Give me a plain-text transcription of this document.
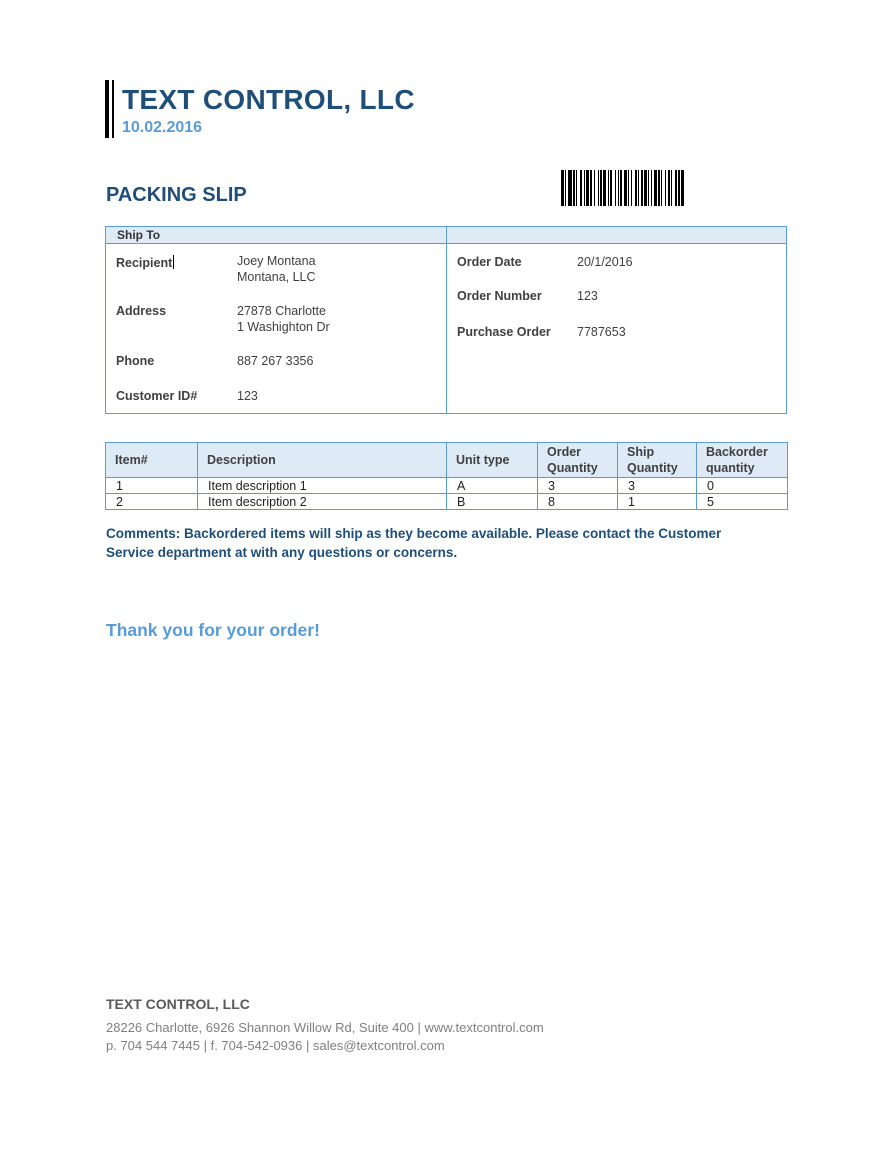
TEXT CONTROL, LLC
10.02.2016
PACKING SLIP
Ship To
Recipient	Joey Montana
Montana, LLC
Address	27878 Charlotte
1 Washighton Dr
Phone	887 267 3356
Customer ID#	123
Order Date	20/1/2016
Order Number	123
Purchase Order 7787653
Item#	Description	Unit type	Order Quantity	Ship Quantity	Backorder quantity
1	Item description 1	A	3	3	0
2	Item description 2	B	8	1	5
Comments: Backordered items will ship as they become available. Please contact the Customer Service department at with any questions or concerns.
Thank you for your order!
TEXT CONTROL, LLC
28226 Charlotte, 6926 Shannon Willow Rd, Suite 400 | www.textcontrol.com
p. 704 544 7445 | f. 704-542-0936 | sales@textcontrol.com
